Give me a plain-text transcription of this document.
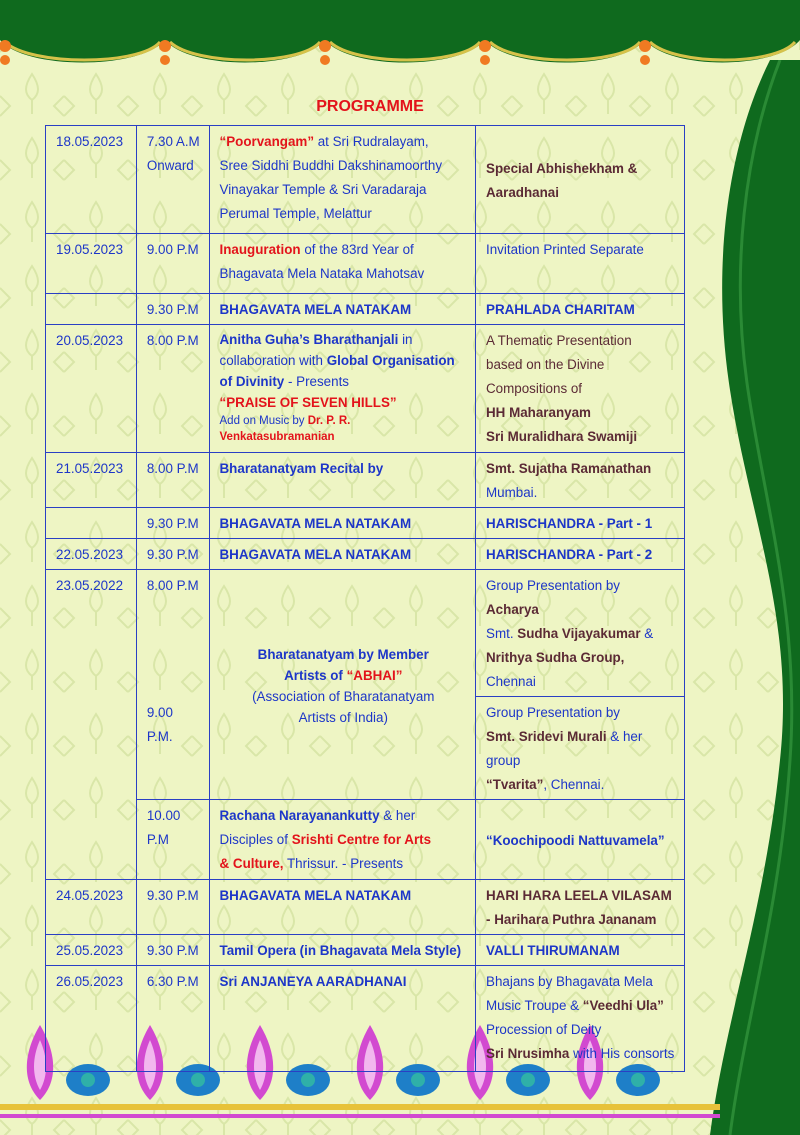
PROGRAMME
18.05.2023	7.30 A.M
Onward	“Poorvangam” at Sri Rudralayam,
Sree Siddhi Buddhi Dakshinamoorthy
Vinayakar Temple & Sri Varadaraja
Perumal Temple, Melattur	Special Abhishekham &
Aaradhanai

19.05.2023	9.00 P.M	Inauguration of the 83rd Year of
Bhagavata Mela Nataka Mahotsav	Invitation Printed Separate
	9.30 P.M	BHAGAVATA MELA NATAKAM	PRAHLADA CHARITAM
20.05.2023	8.00 P.M	Anitha Guha’s Bharathanjali in
collaboration with Global Organisation
of Divinity - Presents
“PRAISE OF SEVEN HILLS”
Add on Music by Dr. P. R. Venkatasubramanian	A Thematic Presentation
based on the Divine
Compositions of
HH Maharanyam
Sri Muralidhara Swamiji

21.05.2023	8.00 P.M	Bharatanatyam Recital by	Smt. Sujatha Ramanathan
Mumbai.

	9.30 P.M	BHAGAVATA MELA NATAKAM	HARISCHANDRA - Part - 1
22.05.2023	9.30 P.M	BHAGAVATA MELA NATAKAM	HARISCHANDRA - Part - 2
23.05.2022	8.00 P.M	Bharatanatyam by Member
Artists of “ABHAI”
(Association of Bharatanatyam
Artists of India)	Group Presentation by Acharya
Smt. Sudha Vijayakumar &
Nrithya Sudha Group, Chennai

	9.00 P.M.		Group Presentation by
Smt. Sridevi Murali & her group
“Tvarita”, Chennai.

	10.00 P.M	Rachana Narayanankutty & her
Disciples of Srishti Centre for Arts
& Culture, Thrissur. - Presents	“Koochipoodi Nattuvamela”
24.05.2023	9.30 P.M	BHAGAVATA MELA NATAKAM	HARI HARA LEELA VILASAM
- Harihara Puthra Jananam

25.05.2023	9.30 P.M	Tamil Opera (in Bhagavata Mela Style)	VALLI THIRUMANAM
26.05.2023	6.30 P.M	Sri ANJANEYA AARADHANAI	Bhajans by Bhagavata Mela
Music Troupe & “Veedhi Ula”
Procession of Deity
Sri Nrusimha with His consorts
